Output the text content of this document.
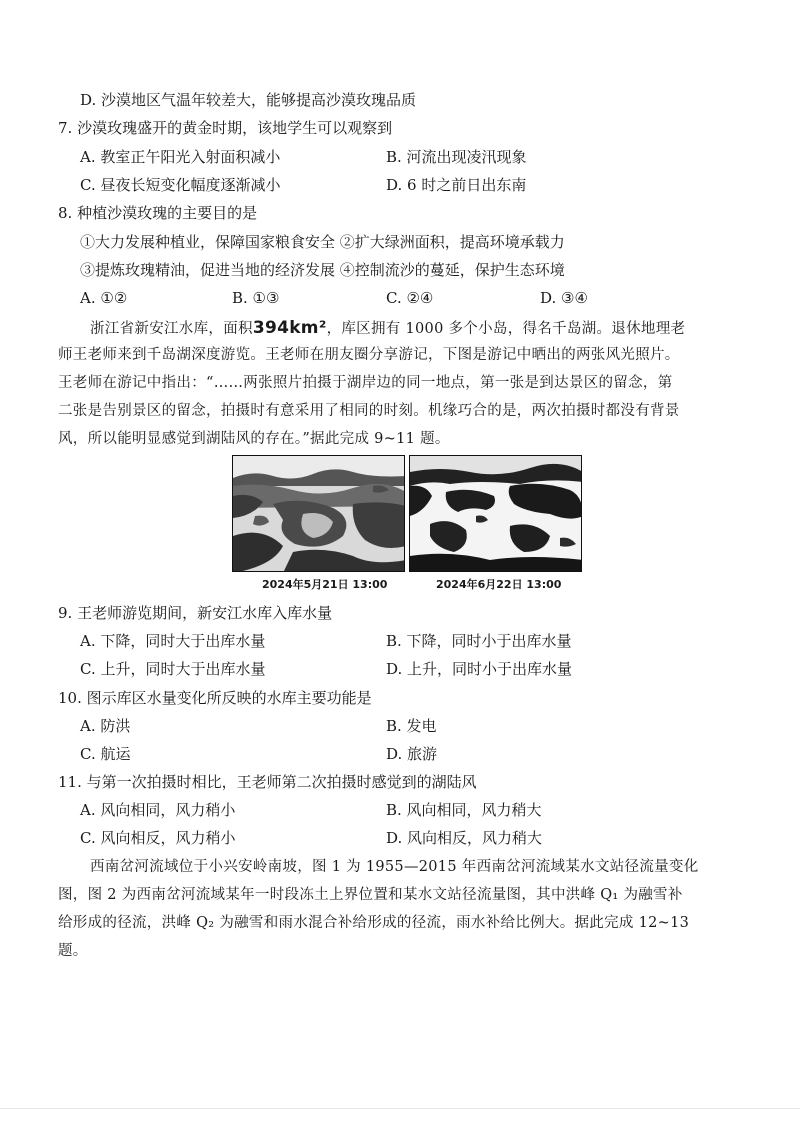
D. 沙漠地区气温年较差大，能够提高沙漠玫瑰品质
7. 沙漠玫瑰盛开的黄金时期，该地学生可以观察到
A. 教室正午阳光入射面积减小	B. 河流出现凌汛现象
C. 昼夜长短变化幅度逐渐减小	D. 6 时之前日出东南
8. 种植沙漠玫瑰的主要目的是
①大力发展种植业，保障国家粮食安全 ②扩大绿洲面积，提高环境承载力
③提炼玫瑰精油，促进当地的经济发展 ④控制流沙的蔓延，保护生态环境
A. ①②	B. ①③	C. ②④	D. ③④
浙江省新安江水库，面积394km²，库区拥有 1000 多个小岛，得名千岛湖。退休地理老
师王老师来到千岛湖深度游览。王老师在朋友圈分享游记，下图是游记中晒出的两张风光照片。
王老师在游记中指出：“……两张照片拍摄于湖岸边的同一地点，第一张是到达景区的留念，第
二张是告别景区的留念，拍摄时有意采用了相同的时刻。机缘巧合的是，两次拍摄时都没有背景
风，所以能明显感觉到湖陆风的存在。”据此完成 9~11 题。
2024年5月21日 13:00	2024年6月22日 13:00
9. 王老师游览期间，新安江水库入库水量
A. 下降，同时大于出库水量	B. 下降，同时小于出库水量
C. 上升，同时大于出库水量	D. 上升，同时小于出库水量
10. 图示库区水量变化所反映的水库主要功能是
A. 防洪	B. 发电
C. 航运	D. 旅游
11. 与第一次拍摄时相比，王老师第二次拍摄时感觉到的湖陆风
A. 风向相同，风力稍小	B. 风向相同，风力稍大
C. 风向相反，风力稍小	D. 风向相反，风力稍大
西南岔河流域位于小兴安岭南坡，图 1 为 1955—2015 年西南岔河流域某水文站径流量变化
图，图 2 为西南岔河流域某年一时段冻土上界位置和某水文站径流量图，其中洪峰 Q₁ 为融雪补
给形成的径流，洪峰 Q₂ 为融雪和雨水混合补给形成的径流，雨水补给比例大。据此完成 12~13
题。
